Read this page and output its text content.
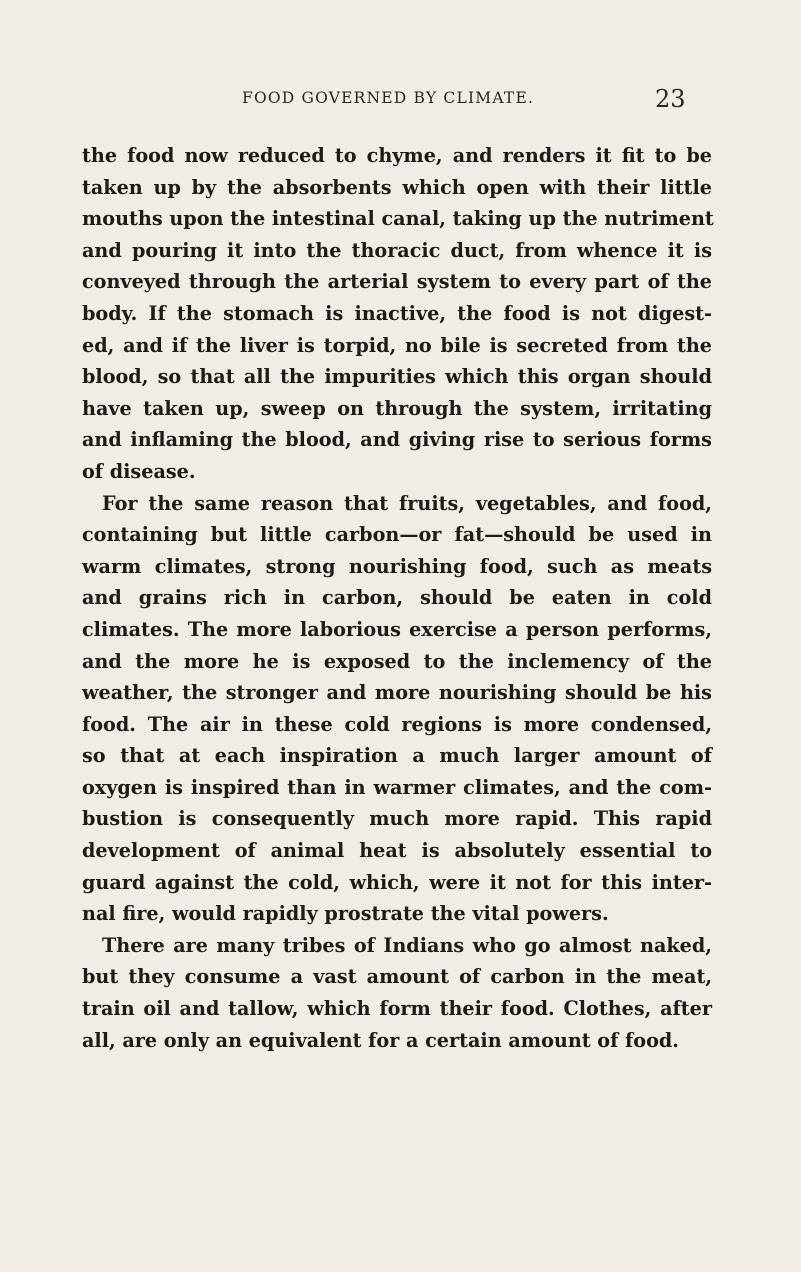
FOOD GOVERNED BY CLIMATE.	23
the food now reduced to chyme, and renders it fit to be
taken up by the absorbents which open with their little
mouths upon the intestinal canal, taking up the nutriment
and pouring it into the thoracic duct, from whence it is
conveyed through the arterial system to every part of the
body. If the stomach is inactive, the food is not digest-
ed, and if the liver is torpid, no bile is secreted from the
blood, so that all the impurities which this organ should
have taken up, sweep on through the system, irritating
and inflaming the blood, and giving rise to serious forms
of disease.
For the same reason that fruits, vegetables, and food,
containing but little carbon—or fat—should be used in
warm climates, strong nourishing food, such as meats
and grains rich in carbon, should be eaten in cold
climates. The more laborious exercise a person performs,
and the more he is exposed to the inclemency of the
weather, the stronger and more nourishing should be his
food. The air in these cold regions is more condensed,
so that at each inspiration a much larger amount of
oxygen is inspired than in warmer climates, and the com-
bustion is consequently much more rapid. This rapid
development of animal heat is absolutely essential to
guard against the cold, which, were it not for this inter-
nal fire, would rapidly prostrate the vital powers.
There are many tribes of Indians who go almost naked,
but they consume a vast amount of carbon in the meat,
train oil and tallow, which form their food. Clothes, after
all, are only an equivalent for a certain amount of food.
